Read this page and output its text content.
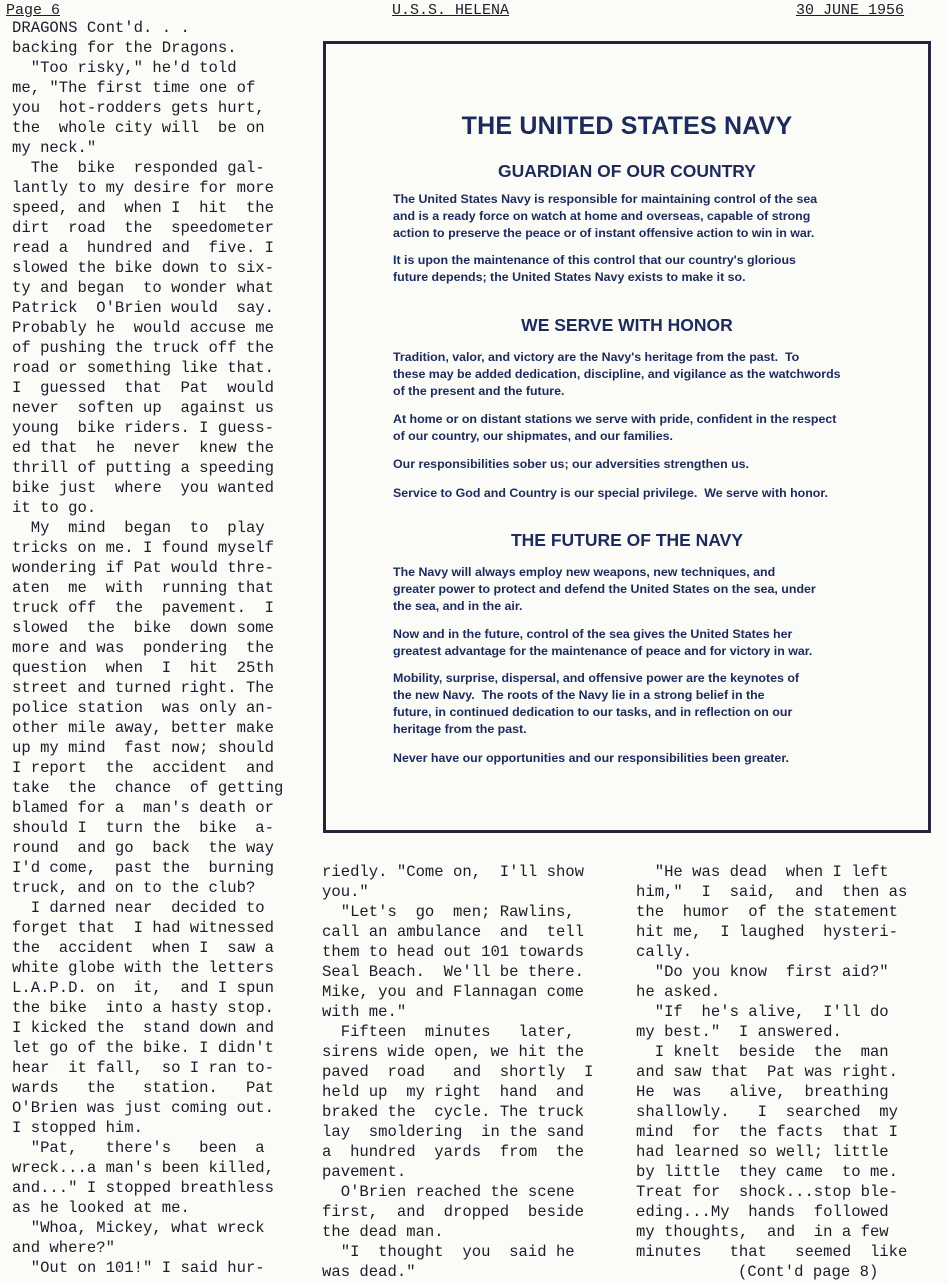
Page 6	U.S.S. HELENA	30 JUNE 1956
DRAGONS Cont'd. . .
backing for the Dragons.
"Too risky," he'd told
me, "The first time one of
you  hot-rodders gets hurt,
the  whole city will  be on
my neck."
The  bike  responded gal-
lantly to my desire for more
speed, and  when I  hit  the
dirt  road  the  speedometer
read a  hundred and  five. I
slowed the bike down to six-
ty and began  to wonder what
Patrick  O'Brien would  say.
Probably he  would accuse me
of pushing the truck off the
road or something like that.
I  guessed  that  Pat  would
never  soften up  against us
young  bike riders. I guess-
ed that  he  never  knew the
thrill of putting a speeding
bike just  where  you wanted
it to go.
My  mind  began  to  play
tricks on me. I found myself
wondering if Pat would thre-
aten  me  with  running that
truck off  the  pavement.  I
slowed  the  bike  down some
more and was  pondering  the
question  when  I  hit  25th
street and turned right. The
police station  was only an-
other mile away, better make
up my mind  fast now; should
I report  the  accident  and
take  the  chance  of getting
blamed for a  man's death or
should I  turn the  bike  a-
round  and go  back  the way
I'd come,  past the  burning
truck, and on to the club?
I darned near  decided to
forget that  I had witnessed
the  accident  when I  saw a
white globe with the letters
L.A.P.D. on  it,  and I spun
the bike  into a hasty stop.
I kicked the  stand down and
let go of the bike. I didn't
hear  it fall,  so I ran to-
wards   the   station.   Pat
O'Brien was just coming out.
I stopped him.
"Pat,   there's   been  a
wreck...a man's been killed,
and..." I stopped breathless
as he looked at me.
"Whoa, Mickey, what wreck
and where?"
"Out on 101!" I said hur-
THE UNITED STATES NAVY
GUARDIAN OF OUR COUNTRY

The United States Navy is responsible for maintaining control of the sea
and is a ready force on watch at home and overseas, capable of strong
action to preserve the peace or of instant offensive action to win in war.

It is upon the maintenance of this control that our country's glorious
future depends; the United States Navy exists to make it so.

WE SERVE WITH HONOR

Tradition, valor, and victory are the Navy's heritage from the past.  To
these may be added dedication, discipline, and vigilance as the watchwords
of the present and the future.

At home or on distant stations we serve with pride, confident in the respect
of our country, our shipmates, and our families.

Our responsibilities sober us; our adversities strengthen us.

Service to God and Country is our special privilege.  We serve with honor.

THE FUTURE OF THE NAVY

The Navy will always employ new weapons, new techniques, and
greater power to protect and defend the United States on the sea, under
the sea, and in the air.

Now and in the future, control of the sea gives the United States her
greatest advantage for the maintenance of peace and for victory in war.

Mobility, surprise, dispersal, and offensive power are the keynotes of
the new Navy.  The roots of the Navy lie in a strong belief in the
future, in continued dedication to our tasks, and in reflection on our
heritage from the past.

Never have our opportunities and our responsibilities been greater.

riedly. "Come on,  I'll show
you."
"Let's  go  men; Rawlins,
call an ambulance  and  tell
them to head out 101 towards
Seal Beach.  We'll be there.
Mike, you and Flannagan come
with me."
Fifteen  minutes   later,
sirens wide open, we hit the
paved  road   and  shortly  I
held up  my right  hand  and
braked the  cycle. The truck
lay  smoldering  in the sand
a  hundred  yards  from  the
pavement.
O'Brien reached the scene
first,  and  dropped  beside
the dead man.
"I  thought  you  said he
was dead."
"He was dead  when I left
him,"  I  said,  and  then as
the  humor  of the statement
hit me,  I laughed  hysteri-
cally.
"Do you know  first aid?"
he asked.
"If  he's alive,  I'll do
my best."  I answered.
I knelt  beside  the  man
and saw that  Pat was right.
He  was   alive,  breathing
shallowly.   I  searched  my
mind  for  the facts  that I
had learned so well; little
by little  they came  to me.
Treat for  shock...stop ble-
eding...My  hands  followed
my thoughts,  and  in a few
minutes   that   seemed  like
(Cont'd page 8)
